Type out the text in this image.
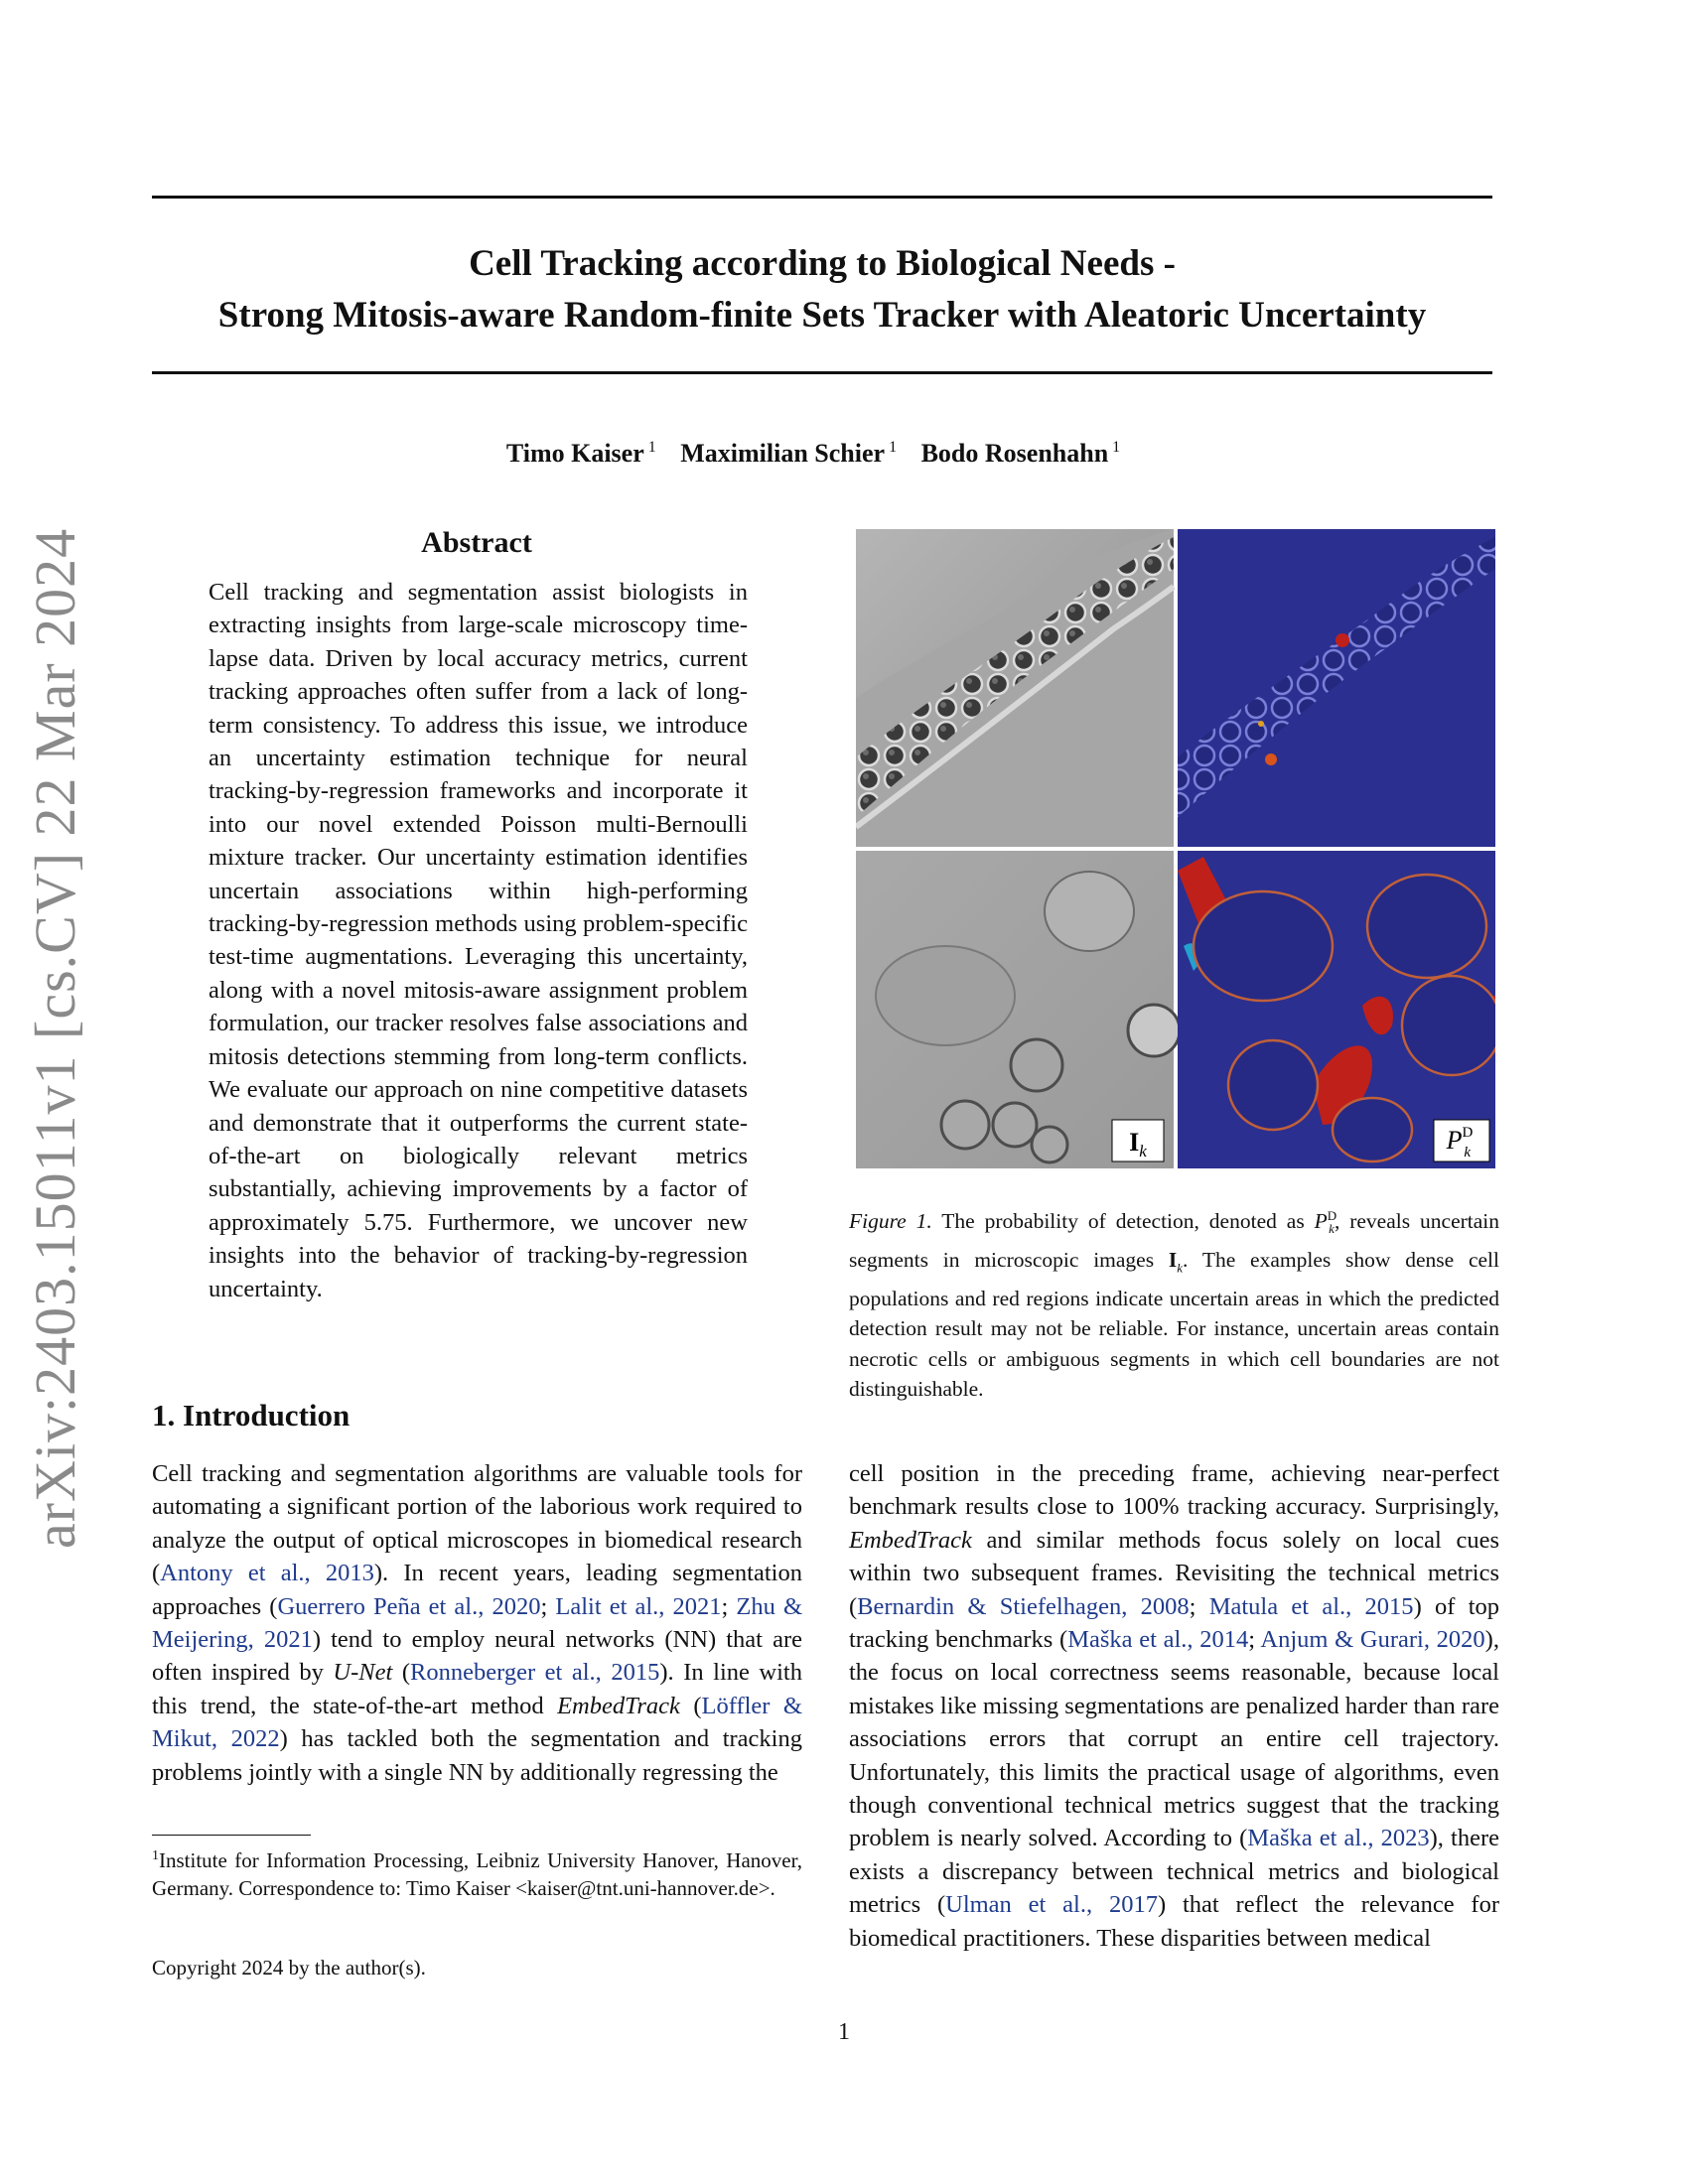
Cell Tracking according to Biological Needs -
Strong Mitosis-aware Random-finite Sets Tracker with Aleatoric Uncertainty
Timo Kaiser $^1$ Maximilian Schier $^1$ Bodo Rosenhahn $^1$
arXiv:2403.15011v1 [cs.CV] 22 Mar 2024	Abstract
Cell tracking and segmentation assist biologists in extracting insights from large-scale microscopy time-lapse data. Driven by local accuracy metrics, current tracking approaches often suffer from a lack of long-term consistency. To address this issue, we introduce an uncertainty estimation technique for neural tracking-by-regression frameworks and incorporate it into our novel extended Poisson multi-Bernoulli mixture tracker. Our uncertainty estimation identifies uncertain associations within high-performing tracking-by-regression methods using problem-specific test-time augmentations. Leveraging this uncertainty, along with a novel mitosis-aware assignment problem formulation, our tracker resolves false associations and mitosis detections stemming from long-term conflicts. We evaluate our approach on nine competitive datasets and demonstrate that it outperforms the current state-of-the-art on biologically relevant metrics substantially, achieving improvements by a factor of approximately 5.75. Furthermore, we uncover new insights into the behavior of tracking-by-regression uncertainty.
$I_k$	$P^D$ k
Figure 1. The probability of detection, denoted as $P^D_k$, reveals uncertain segments in microscopic images $I_k$. The examples show dense cell populations and red regions indicate uncertain areas in which the predicted detection result may not be reliable. For instance, uncertain areas contain necrotic cells or ambiguous segments in which cell boundaries are not distinguishable.
1. Introduction
Cell tracking and segmentation algorithms are valuable tools for automating a significant portion of the laborious work required to analyze the output of optical microscopes in biomedical research (Antony et al., 2013). In recent years, leading segmentation approaches (Guerrero Peña et al., 2020; Lalit et al., 2021; Zhu & Meijering, 2021) tend to employ neural networks (NN) that are often inspired by U-Net (Ronneberger et al., 2015). In line with this trend, the state-of-the-art method EmbedTrack (Löffler & Mikut, 2022) has tackled both the segmentation and tracking problems jointly with a single NN by additionally regressing the
cell position in the preceding frame, achieving near-perfect benchmark results close to 100% tracking accuracy. Surprisingly, EmbedTrack and similar methods focus solely on local cues within two subsequent frames. Revisiting the technical metrics (Bernardin & Stiefelhagen, 2008; Matula et al., 2015) of top tracking benchmarks (Maška et al., 2014; Anjum & Gurari, 2020), the focus on local correctness seems reasonable, because local mistakes like missing segmentations are penalized harder than rare associations errors that corrupt an entire cell trajectory. Unfortunately, this limits the practical usage of algorithms, even though conventional technical metrics suggest that the tracking problem is nearly solved. According to (Maška et al., 2023), there exists a discrepancy between technical metrics and biological metrics (Ulman et al., 2017) that reflect the relevance for biomedical practitioners. These disparities between medical
$^1$Institute for Information Processing, Leibniz University Hanover, Hanover, Germany. Correspondence to: Timo Kaiser <kaiser@tnt.uni-hannover.de>.
Copyright 2024 by the author(s).
1
